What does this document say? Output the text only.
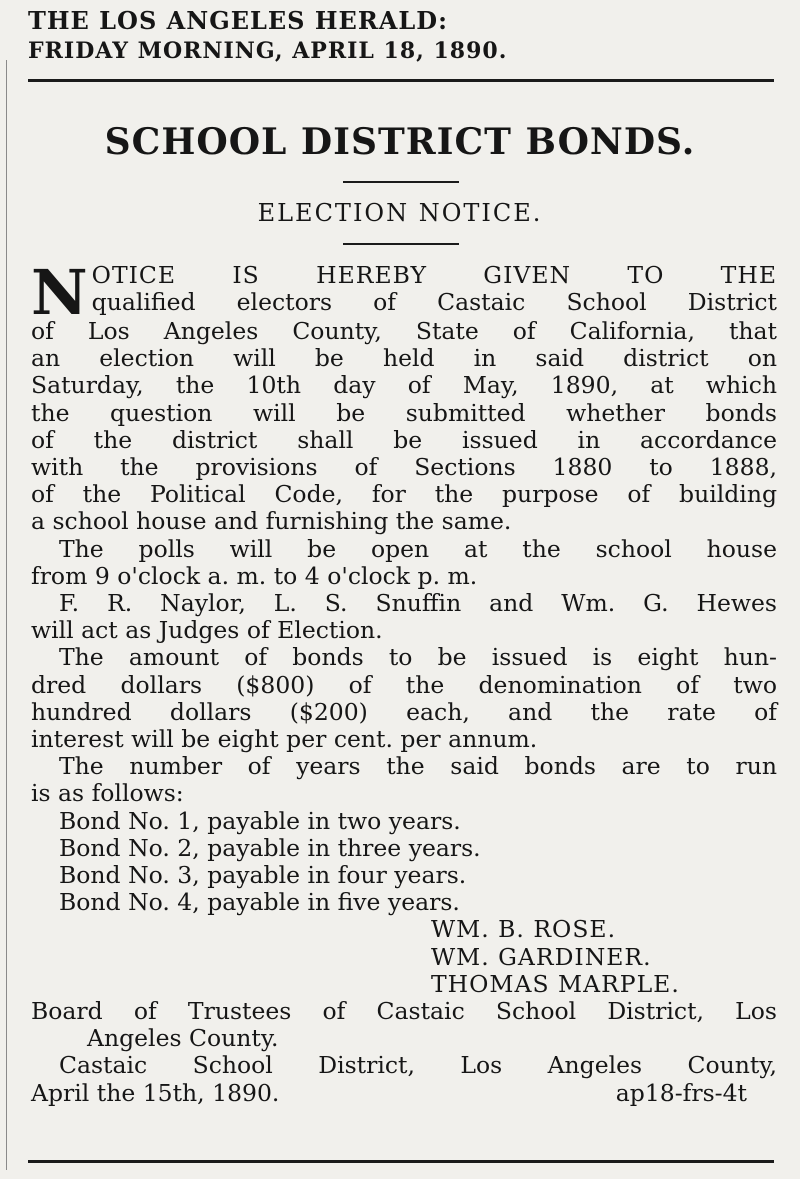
THE LOS ANGELES HERALD:
FRIDAY MORNING, APRIL 18, 1890.
SCHOOL DISTRICT BONDS.
ELECTION NOTICE.
N OTICE IS HEREBY GIVEN TO THE
qualified electors of Castaic School District
of Los Angeles County, State of California, that
an election will be held in said district on
Saturday, the 10th day of May, 1890, at which
the question will be submitted whether bonds
of the district shall be issued in accordance
with the provisions of Sections 1880 to 1888,
of the Political Code, for the purpose of building
a school house and furnishing the same.
The polls will be open at the school house
from 9 o'clock a. m. to 4 o'clock p. m.
F. R. Naylor, L. S. Snuffin and Wm. G. Hewes
will act as Judges of Election.
The amount of bonds to be issued is eight hun-
dred dollars ($800) of the denomination of two
hundred dollars ($200) each, and the rate of
interest will be eight per cent. per annum.
The number of years the said bonds are to run
is as follows:
Bond No. 1, payable in two years.
Bond No. 2, payable in three years.
Bond No. 3, payable in four years.
Bond No. 4, payable in five years.
WM. B. ROSE.
WM. GARDINER.
THOMAS MARPLE.
Board of Trustees of Castaic School District, Los
Angeles County.
Castaic School District, Los Angeles County,
April the 15th, 1890.	ap18-frs-4t
